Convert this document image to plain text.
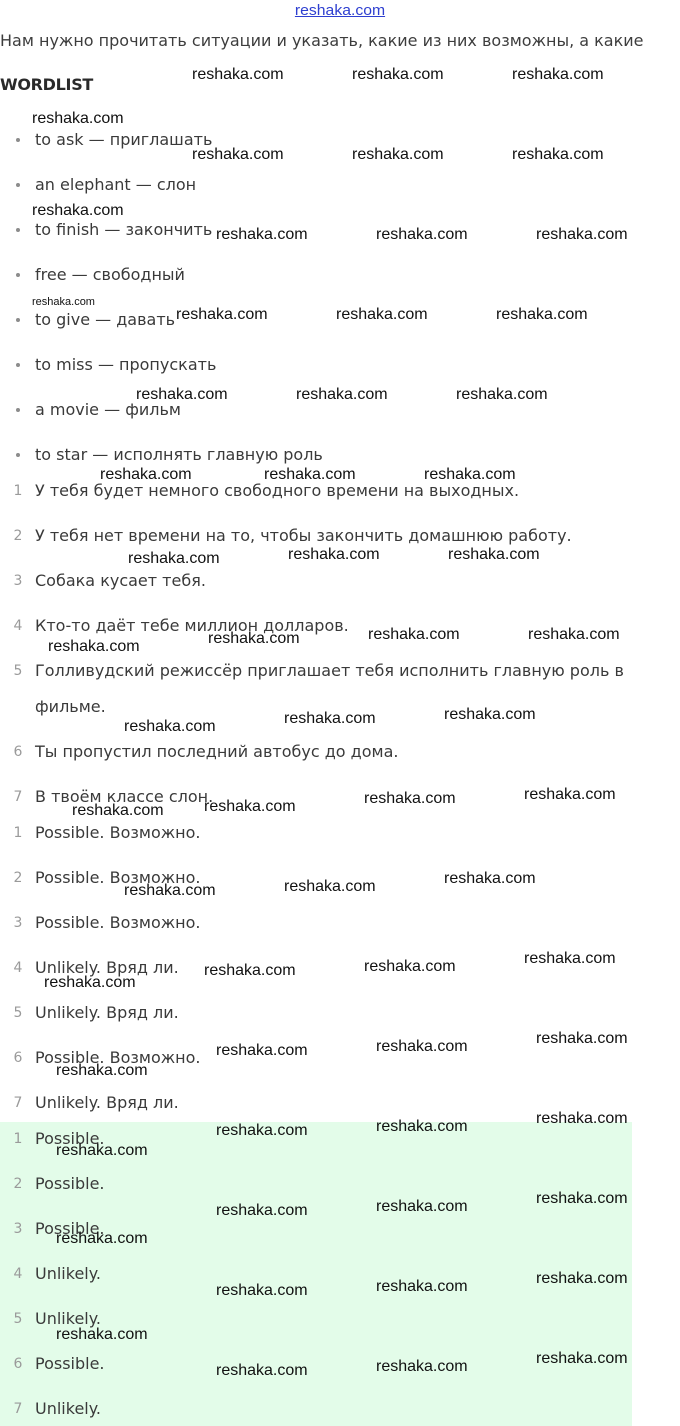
reshaka.com
Нам нужно прочитать ситуации и указать, какие из них возможны, а какие
WORDLIST
to ask — приглашать
an elephant — слон
to finish — закончить
free — свободный
to give — давать
to miss — пропускать
a movie — фильм
to star — исполнять главную роль
1 У тебя будет немного свободного времени на выходных.
2 У тебя нет времени на то, чтобы закончить домашнюю работу.
3 Собака кусает тебя.
4 Кто-то даёт тебе миллион долларов.
5 Голливудский режиссёр приглашает тебя исполнить главную роль в
фильме.
6 Ты пропустил последний автобус до дома.
7 В твоём классе слон.
1 Possible. Возможно.
2 Possible. Возможно.
3 Possible. Возможно.
4 Unlikely. Вряд ли.
5 Unlikely. Вряд ли.
6 Possible. Возможно.
7 Unlikely. Вряд ли.
1 Possible.
2 Possible.
3 Possible.
4 Unlikely.
5 Unlikely.
6 Possible.
7 Unlikely.
reshaka.com	reshaka.com	reshaka.com
reshaka.com
reshaka.com	reshaka.com	reshaka.com
reshaka.com
reshaka.com	reshaka.com	reshaka.com
reshaka.com
reshaka.com	reshaka.com	reshaka.com
reshaka.com	reshaka.com	reshaka.com
reshaka.com	reshaka.com	reshaka.com
reshaka.com	reshaka.com	reshaka.com
reshaka.com	reshaka.com	reshaka.com	reshaka.com
reshaka.com	reshaka.com	reshaka.com
reshaka.com	reshaka.com	reshaka.com	reshaka.com
reshaka.com	reshaka.com	reshaka.com
reshaka.com
reshaka.com	reshaka.com	reshaka.com
reshaka.com
reshaka.com	reshaka.com	reshaka.com
reshaka.com
reshaka.com	reshaka.com	reshaka.com
reshaka.com
reshaka.com	reshaka.com	reshaka.com
reshaka.com
reshaka.com	reshaka.com	reshaka.com
reshaka.com	reshaka.com	reshaka.com
